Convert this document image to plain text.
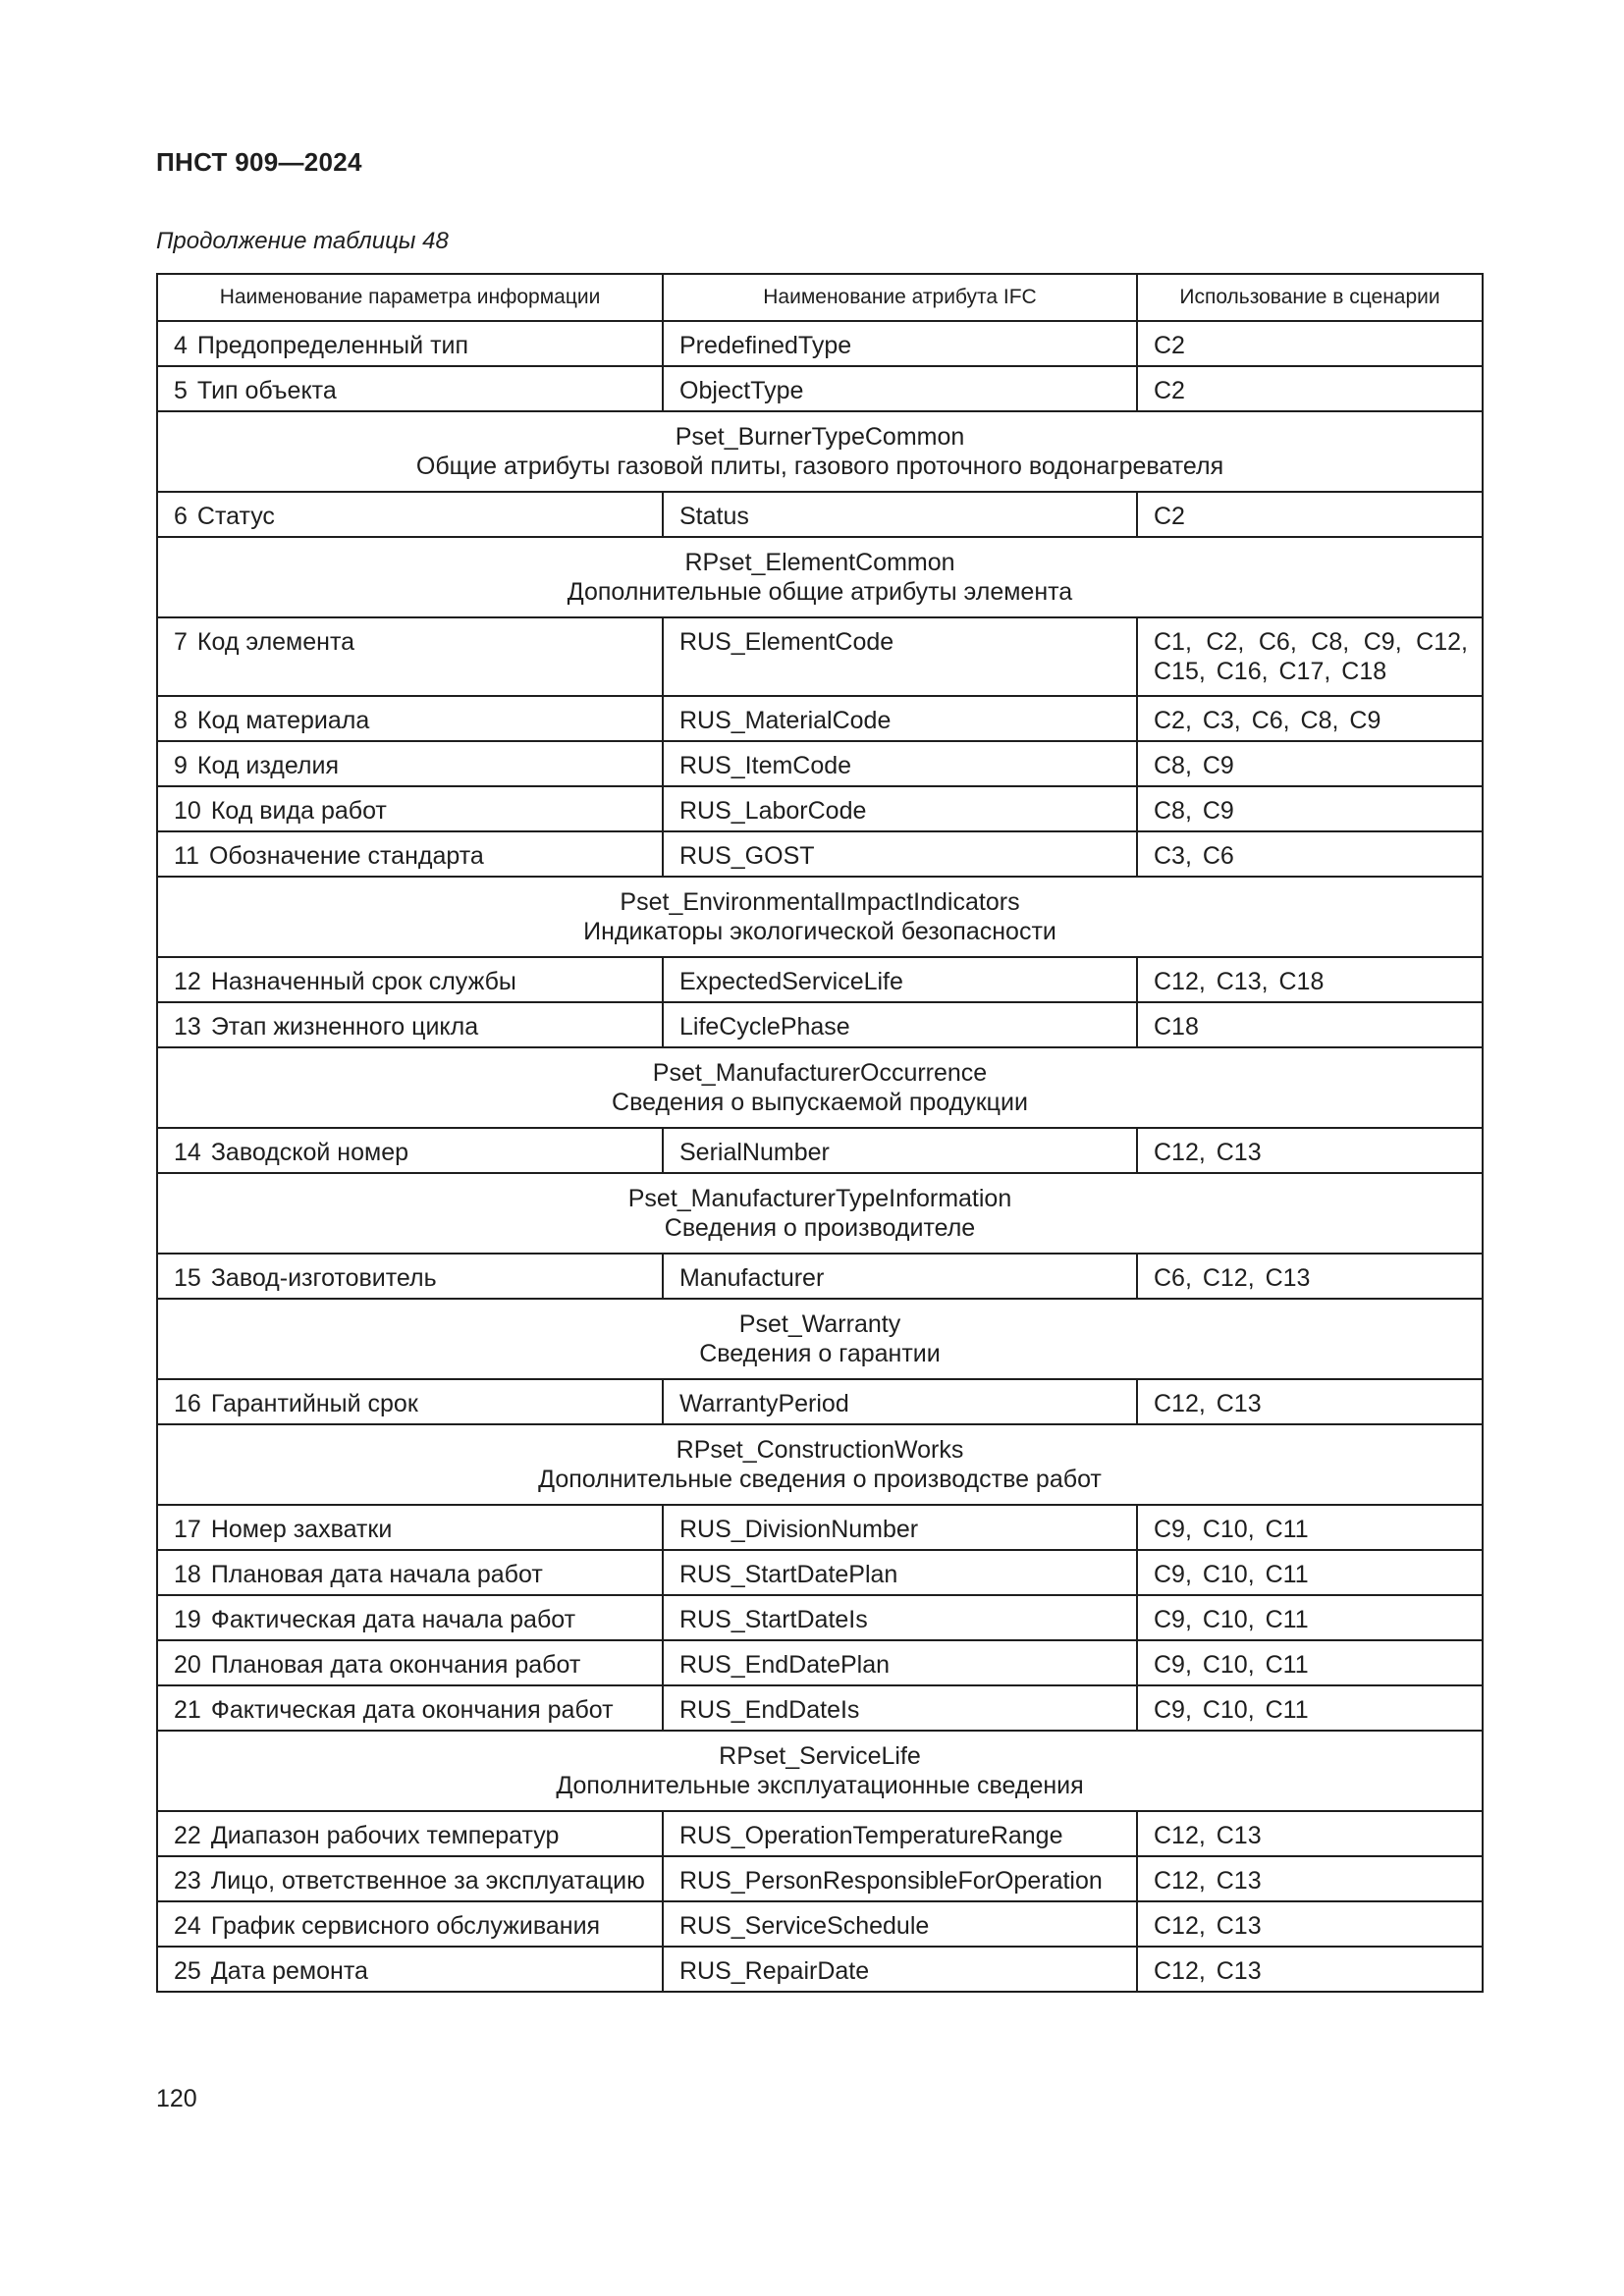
ПНСТ 909—2024
Продолжение таблицы 48
Наименование параметра информации	Наименование атрибута IFC	Использование в сценарии
4 Предопределенный тип	PredefinedType	C2

5 Тип объекта	ObjectType	C2

Pset_BurnerTypeCommon
Общие атрибуты газовой плиты, газового проточного водонагревателя		

6 Статус	Status	C2

RPset_ElementCommon
Дополнительные общие атрибуты элемента		

7 Код элемента	RUS_ElementCode	C1, C2, C6, C8, C9, C12, C15, C16, C17, C18

8 Код материала	RUS_MaterialCode	C2, C3, C6, C8, C9

9 Код изделия	RUS_ItemCode	C8, C9

10 Код вида работ	RUS_LaborCode	C8, C9

11 Обозначение стандарта	RUS_GOST	C3, C6

Pset_EnvironmentalImpactIndicators
Индикаторы экологической безопасности		

12 Назначенный срок службы	ExpectedServiceLife	C12, C13, C18

13 Этап жизненного цикла	LifeCyclePhase	C18

Pset_ManufacturerOccurrence
Сведения о выпускаемой продукции		

14 Заводской номер	SerialNumber	C12, C13

Pset_ManufacturerTypeInformation
Сведения о производителе		

15 Завод-изготовитель	Manufacturer	C6, C12, C13

Pset_Warranty
Сведения о гарантии		

16 Гарантийный срок	WarrantyPeriod	C12, C13

RPset_ConstructionWorks
Дополнительные сведения о производстве работ		

17 Номер захватки	RUS_DivisionNumber	C9, C10, C11

18 Плановая дата начала работ	RUS_StartDatePlan	C9, C10, C11

19 Фактическая дата начала работ	RUS_StartDateIs	C9, C10, C11

20 Плановая дата окончания работ	RUS_EndDatePlan	C9, C10, C11

21 Фактическая дата окончания работ	RUS_EndDateIs	C9, C10, C11

RPset_ServiceLife
Дополнительные эксплуатационные сведения		

22 Диапазон рабочих температур	RUS_OperationTemperatureRange	C12, C13

23 Лицо, ответственное за эксплуатацию	RUS_PersonResponsibleForOperation	C12, C13

24 График сервисного обслуживания	RUS_ServiceSchedule	C12, C13

25 Дата ремонта	RUS_RepairDate	C12, C13
120
